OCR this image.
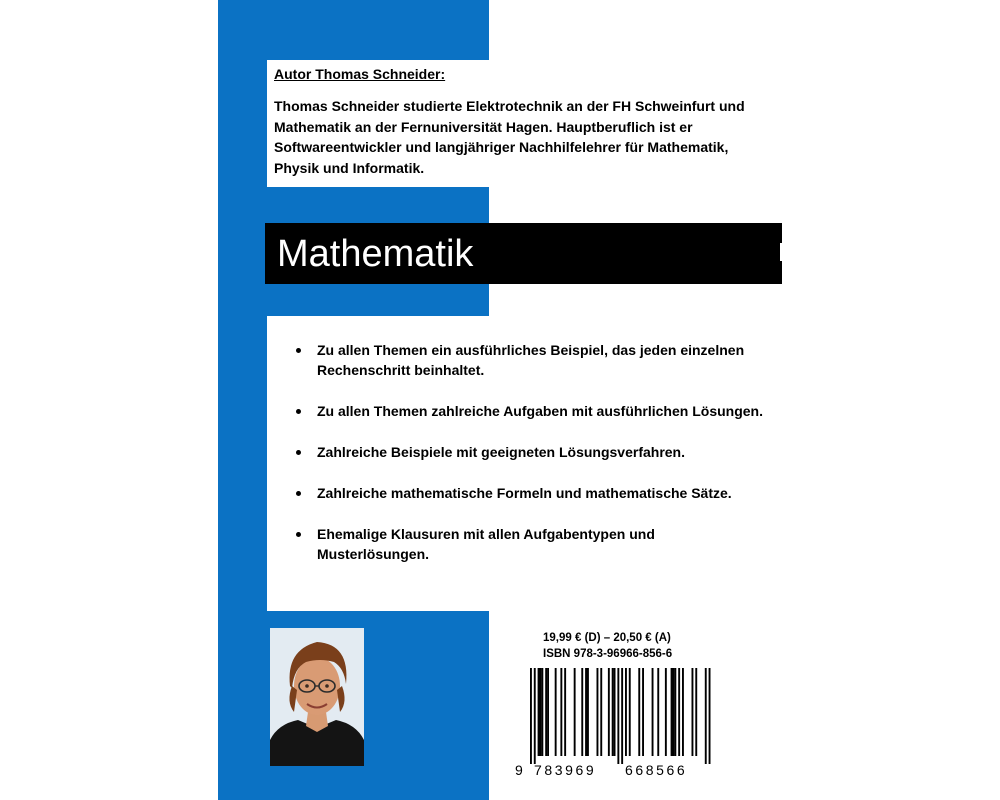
Autor Thomas Schneider:

Thomas Schneider studierte Elektrotechnik an der FH Schweinfurt und Mathematik an der Fernuniversität Hagen. Hauptberuflich ist er Softwareentwickler und langjähriger Nachhilfelehrer für Mathematik, Physik und Informatik.

Mathematik
Zu allen Themen ein ausführliches Beispiel, das jeden einzelnen Rechenschritt beinhaltet.
Zu allen Themen zahlreiche Aufgaben mit ausführlichen Lösungen.
Zahlreiche Beispiele mit geeigneten Lösungsverfahren.
Zahlreiche mathematische Formeln und mathematische Sätze.
Ehemalige Klausuren mit allen Aufgabentypen und Musterlösungen.

19,99 € (D) – 20,50 € (A)

ISBN 978-3-96966-856-6

9 783969 668566
